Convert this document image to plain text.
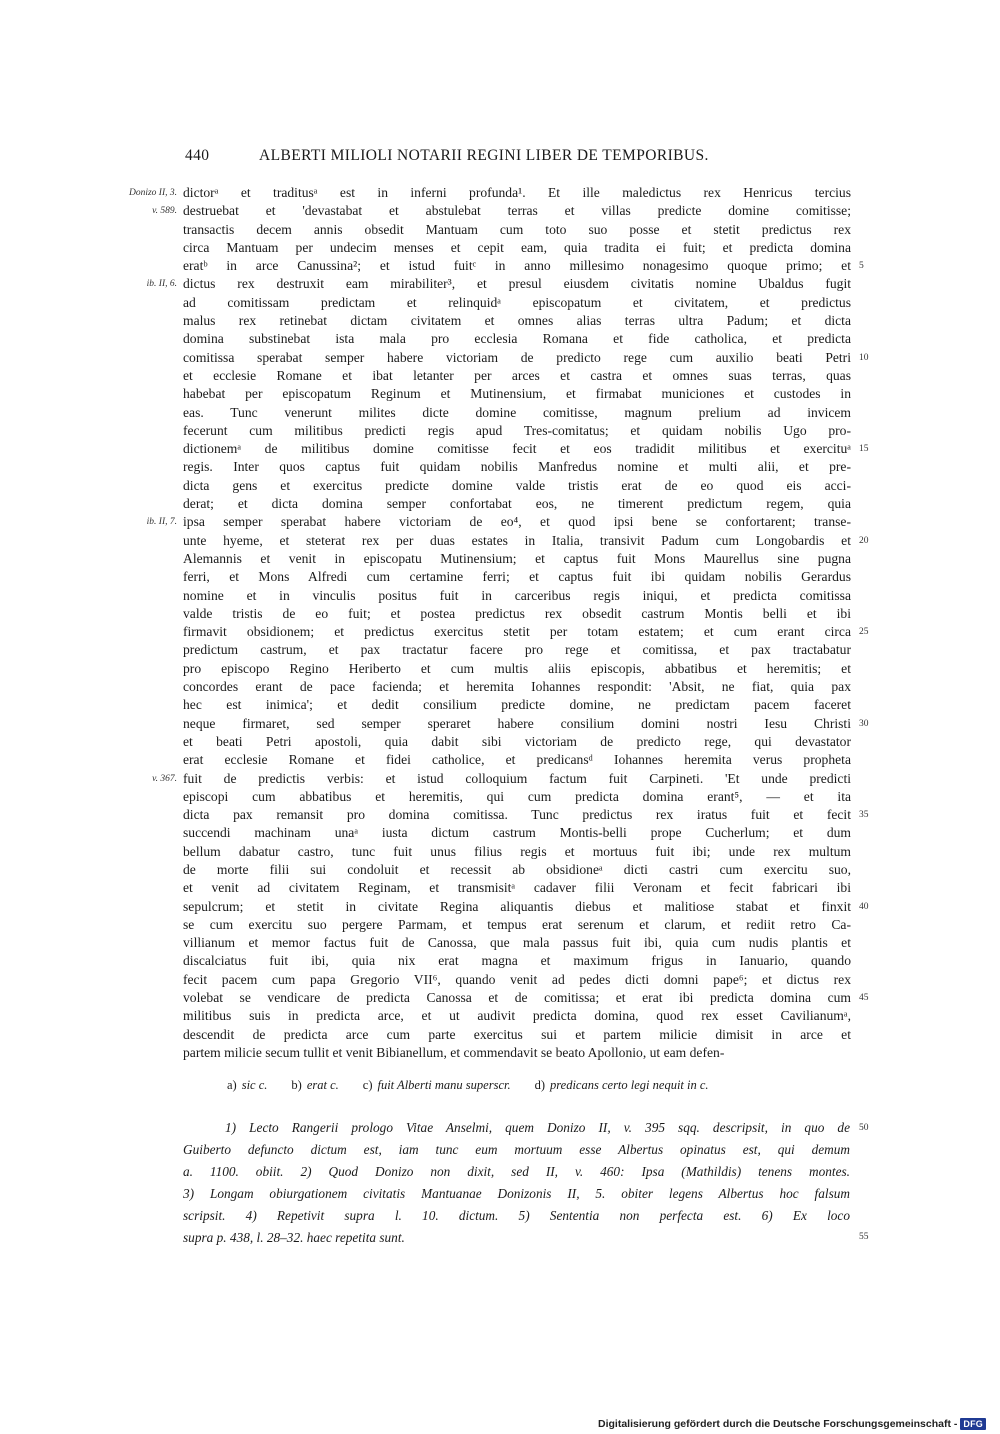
440	ALBERTI MILIOLI NOTARII REGINI LIBER DE TEMPORIBUS.
dictorᵃ et traditusᵃ est in inferni profunda¹. Et ille maledictus rex Henricus tercius
Donizo II, 3.
destruebat et 'devastabat et abstulebat terras et villas predicte domine comitisse;
v. 589.
transactis decem annis obsedit Mantuam cum toto suo posse et stetit predictus rex
circa Mantuam per undecim menses et cepit eam, quia tradita ei fuit; et predicta domina
eratᵇ in arce Canussina²; et istud fuitᶜ in anno millesimo nonagesimo quoque primo; et 5
dictus rex destruxit eam mirabiliter³, et presul eiusdem civitatis nomine Ubaldus fugit
ib. II, 6.
ad comitissam predictam et relinquidᵃ episcopatum et civitatem, et predictus
malus rex retinebat dictam civitatem et omnes alias terras ultra Padum; et dicta
domina substinebat ista mala pro ecclesia Romana et fide catholica, et predicta
comitissa sperabat semper habere victoriam de predicto rege cum auxilio beati Petri 10
et ecclesie Romane et ibat letanter per arces et castra et omnes suas terras, quas
habebat per episcopatum Reginum et Mutinensium, et firmabat municiones et custodes in
eas. Tunc venerunt milites dicte domine comitisse, magnum prelium ad invicem
fecerunt cum militibus predicti regis apud Tres-comitatus; et quidam nobilis Ugo pro-
dictionemᵃ de militibus domine comitisse fecit et eos tradidit militibus et exercituᵃ 15
regis. Inter quos captus fuit quidam nobilis Manfredus nomine et multi alii, et pre-
dicta gens et exercitus predicte domine valde tristis erat de eo quod eis acci-
derat; et dicta domina semper confortabat eos, ne timerent predictum regem, quia
ipsa semper sperabat habere victoriam de eo⁴, et quod ipsi bene se confortarent; transe-
ib. II, 7.
unte hyeme, et steterat rex per duas estates in Italia, transivit Padum cum Longobardis et 20
Alemannis et venit in episcopatu Mutinensium; et captus fuit Mons Maurellus sine pugna
ferri, et Mons Alfredi cum certamine ferri; et captus fuit ibi quidam nobilis Gerardus
nomine et in vinculis positus fuit in carceribus regis iniqui, et predicta comitissa
valde tristis de eo fuit; et postea predictus rex obsedit castrum Montis belli et ibi
firmavit obsidionem; et predictus exercitus stetit per totam estatem; et cum erant circa 25
predictum castrum, et pax tractatur facere pro rege et comitissa, et pax tractabatur
pro episcopo Regino Heriberto et cum multis aliis episcopis, abbatibus et heremitis; et
concordes erant de pace facienda; et heremita Iohannes respondit: 'Absit, ne fiat, quia pax
hec est inimica'; et dedit consilium predicte domine, ne predictam pacem faceret
neque firmaret, sed semper speraret habere consilium domini nostri Iesu Christi 30
et beati Petri apostoli, quia dabit sibi victoriam de predicto rege, qui devastator
erat ecclesie Romane et fidei catholice, et predicansᵈ Iohannes heremita verus propheta
fuit de predictis verbis: et istud colloquium factum fuit Carpineti. 'Et unde predicti
v. 367.
episcopi cum abbatibus et heremitis, qui cum predicta domina erant⁵, — et ita
dicta pax remansit pro domina comitissa. Tunc predictus rex iratus fuit et fecit 35
succendi machinam unaᵃ iusta dictum castrum Montis-belli prope Cucherlum; et dum
bellum dabatur castro, tunc fuit unus filius regis et mortuus fuit ibi; unde rex multum
de morte filii sui condoluit et recessit ab obsidioneᵃ dicti castri cum exercitu suo,
et venit ad civitatem Reginam, et transmisitᵃ cadaver filii Veronam et fecit fabricari ibi
sepulcrum; et stetit in civitate Regina aliquantis diebus et malitiose stabat et finxit 40
se cum exercitu suo pergere Parmam, et tempus erat serenum et clarum, et rediit retro Ca-
villianum et memor factus fuit de Canossa, que mala passus fuit ibi, quia cum nudis plantis et
discalciatus fuit ibi, quia nix erat magna et maximum frigus in Ianuario, quando
fecit pacem cum papa Gregorio VII⁶, quando venit ad pedes dicti domni pape⁶; et dictus rex
volebat se vendicare de predicta Canossa et de comitissa; et erat ibi predicta domina cum 45
militibus suis in predicta arce, et ut audivit predicta domina, quod rex esset Cavilianumᵃ,
descendit de predicta arce cum parte exercitus sui et partem milicie dimisit in arce et
partem milicie secum tullit et venit Bibianellum, et commendavit se beato Apollonio, ut eam defen-
a) sic c. b) erat c. c) fuit Alberti manu superscr. d) predicans certo legi nequit in c.
1) Lecto Rangerii prologo Vitae Anselmi, quem Donizo II, v. 395 sqq. descripsit, in quo de 50
Guiberto defuncto dictum est, iam tunc eum mortuum esse Albertus opinatus est, qui demum
a. 1100. obiit. 2) Quod Donizo non dixit, sed II, v. 460: Ipsa (Mathildis) tenens montes.
3) Longam obiurgationem civitatis Mantuanae Donizonis II, 5. obiter legens Albertus hoc falsum
scripsit. 4) Repetivit supra l. 10. dictum. 5) Sententia non perfecta est. 6) Ex loco
supra p. 438, l. 28–32. haec repetita sunt.	55
Digitalisierung gefördert durch die Deutsche Forschungsgemeinschaft - DFG
